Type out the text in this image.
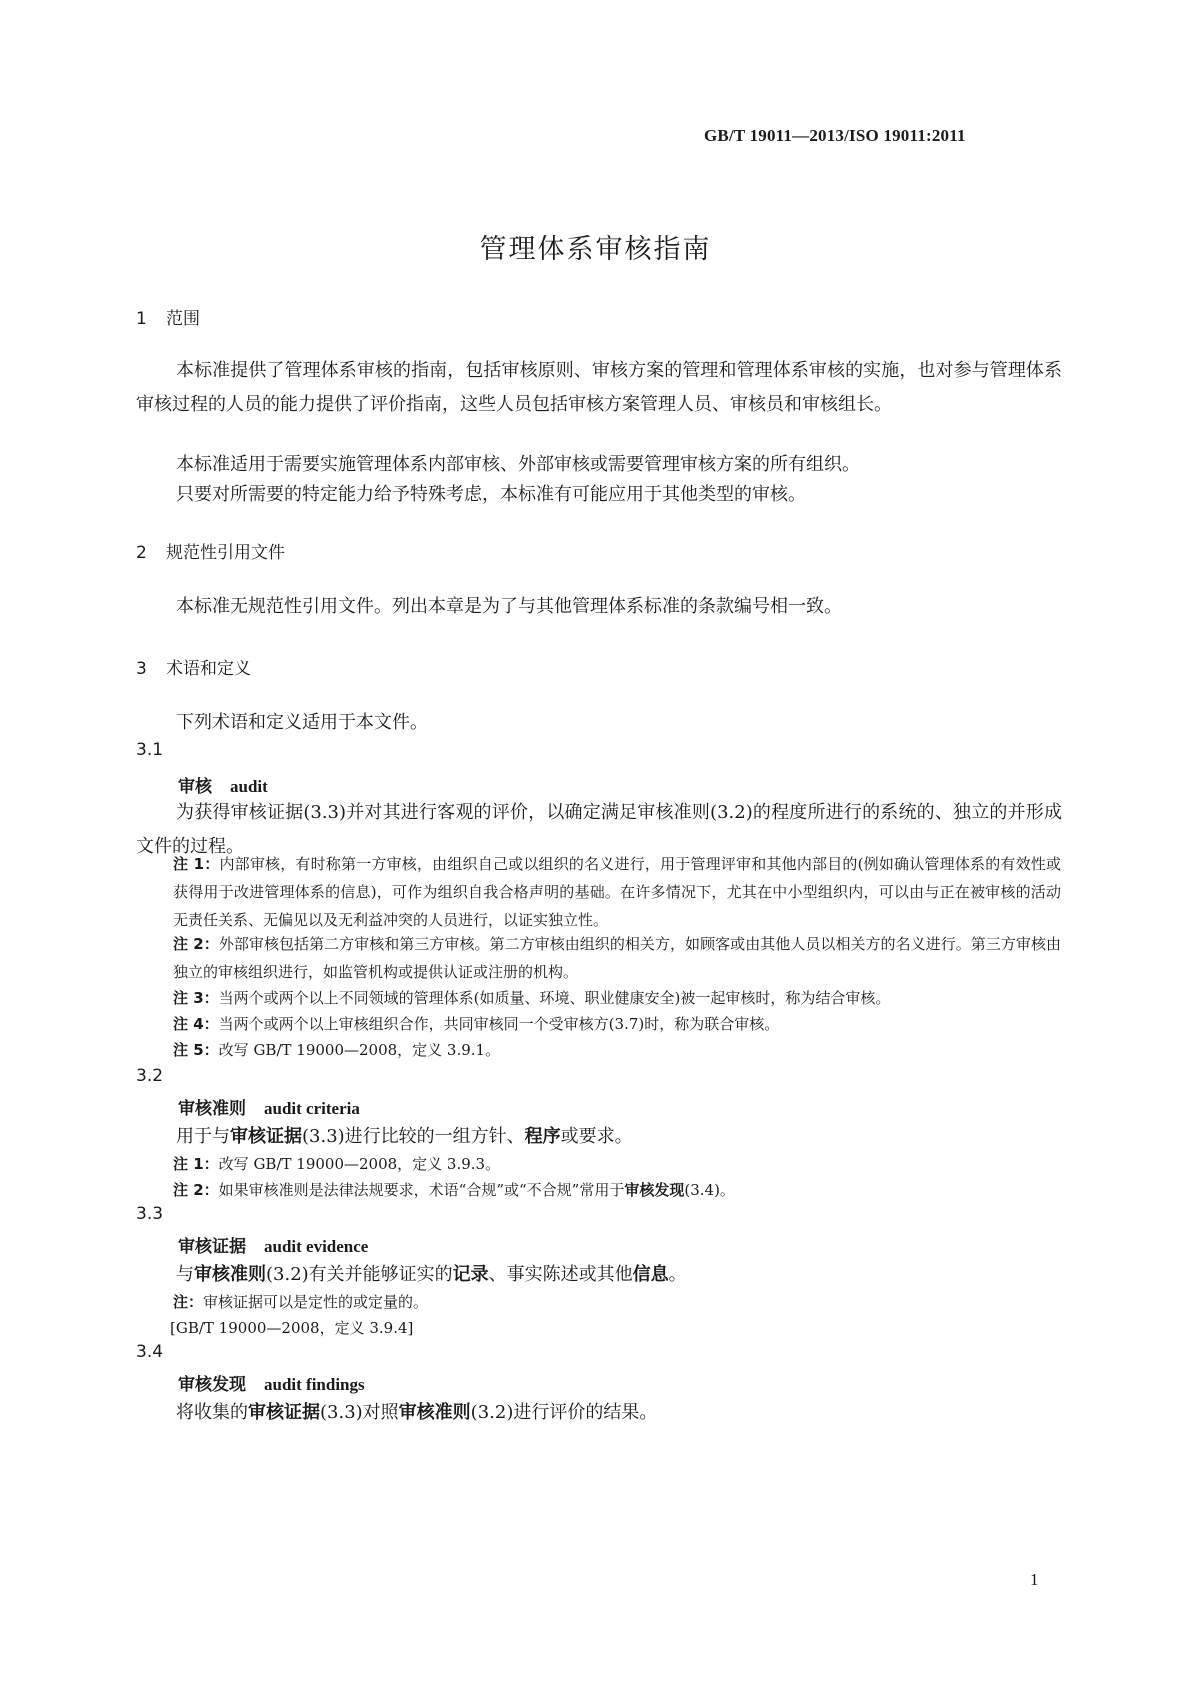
GB/T 19011—2013/ISO 19011:2011
管理体系审核指南
1 范围
本标准提供了管理体系审核的指南，包括审核原则、审核方案的管理和管理体系审核的实施，也对参与管理体系审核过程的人员的能力提供了评价指南，这些人员包括审核方案管理人员、审核员和审核组长。
本标准适用于需要实施管理体系内部审核、外部审核或需要管理审核方案的所有组织。
只要对所需要的特定能力给予特殊考虑，本标准有可能应用于其他类型的审核。
2 规范性引用文件
本标准无规范性引用文件。列出本章是为了与其他管理体系标准的条款编号相一致。
3 术语和定义
下列术语和定义适用于本文件。
3.1
审核 audit
为获得审核证据(3.3)并对其进行客观的评价，以确定满足审核准则(3.2)的程度所进行的系统的、独立的并形成文件的过程。
注 1：内部审核，有时称第一方审核，由组织自己或以组织的名义进行，用于管理评审和其他内部目的(例如确认管理体系的有效性或获得用于改进管理体系的信息)，可作为组织自我合格声明的基础。在许多情况下，尤其在中小型组织内，可以由与正在被审核的活动无责任关系、无偏见以及无利益冲突的人员进行，以证实独立性。
注 2：外部审核包括第二方审核和第三方审核。第二方审核由组织的相关方，如顾客或由其他人员以相关方的名义进行。第三方审核由独立的审核组织进行，如监管机构或提供认证或注册的机构。
注 3：当两个或两个以上不同领域的管理体系(如质量、环境、职业健康安全)被一起审核时，称为结合审核。
注 4：当两个或两个以上审核组织合作，共同审核同一个受审核方(3.7)时，称为联合审核。
注 5：改写 GB/T 19000—2008，定义 3.9.1。
3.2
审核准则 audit criteria
用于与审核证据(3.3)进行比较的一组方针、程序或要求。
注 1：改写 GB/T 19000—2008，定义 3.9.3。
注 2：如果审核准则是法律法规要求，术语“合规”或“不合规”常用于审核发现(3.4)。
3.3
审核证据 audit evidence
与审核准则(3.2)有关并能够证实的记录、事实陈述或其他信息。
注：审核证据可以是定性的或定量的。
[GB/T 19000—2008，定义 3.9.4]
3.4
审核发现 audit findings
将收集的审核证据(3.3)对照审核准则(3.2)进行评价的结果。
1
